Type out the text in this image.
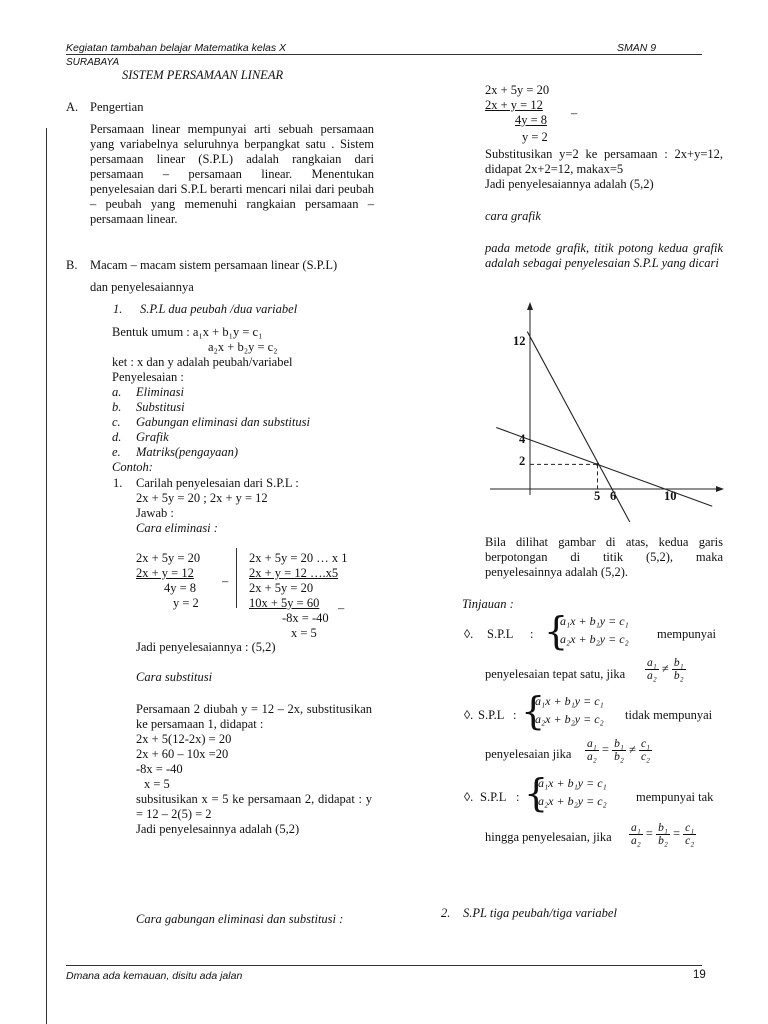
Kegiatan tambahan belajar Matematika kelas X	SMAN 9
SURABAYA
SISTEM PERSAMAAN LINEAR
A. Pengertian
Persamaan linear mempunyai arti sebuah persamaan yang variabelnya seluruhnya berpangkat satu . Sistem persamaan linear (S.P.L) adalah rangkaian dari persamaan – persamaan linear. Menentukan penyelesaian dari S.P.L berarti mencari nilai dari peubah – peubah yang memenuhi rangkaian persamaan – persamaan linear.
B. Macam – macam sistem persamaan linear (S.P.L)
dan penyelesaiannya
1. S.P.L dua peubah /dua variabel
Bentuk umum : a₁x + b₁y = c₁
a₂x + b₂y = c₂
ket : x dan y adalah peubah/variabel
Penyelesaian :
a. Eliminasi
b. Substitusi
c. Gabungan eliminasi dan substitusi
d. Grafik
e. Matriks(pengayaan)
Contoh:
1. Carilah penyelesaian dari S.P.L :
2x + 5y = 20 ; 2x + y = 12
Jawab :
Cara eliminasi :
2x + 5y = 20
2x + y = 12
4y = 8
y = 2
–
2x + 5y = 20 … x 1
2x + y = 12 ….x5
2x + 5y = 20
10x + 5y = 60
-8x = -40
x = 5
–
Jadi penyelesaiannya : (5,2)
Cara substitusi
Persamaan 2 diubah y = 12 – 2x, substitusikan ke persamaan 1, didapat :
2x + 5(12-2x) = 20
2x + 60 – 10x =20
-8x = -40
x = 5
subsitusikan x = 5 ke persamaan 2, didapat : y = 12 – 2(5) = 2
Jadi penyelesainnya adalah (5,2)
Cara gabungan eliminasi dan substitusi :
2x + 5y = 20
2x + y = 12
4y = 8
y = 2
–
Substitusikan y=2 ke persamaan : 2x+y=12, didapat 2x+2=12, makax=5
Jadi penyelesaiannya adalah (5,2)
cara grafik
pada metode grafik, titik potong kedua grafik adalah sebagai penyelesaian S.P.L yang dicari
12
4
2
5 6	10
Bila dilihat gambar di atas, kedua garis berpotongan di titik (5,2), maka penyelesainnya adalah (5,2).
Tinjauan :
◊. S.P.L : {
a₁x + b₁y = c₁
a₂x + b₂y = c₂ mempunyai
penyelesaian tepat satu, jika $\frac{\text{a₁}}{\text{a₂}} \ne \frac{\text{b₁}}{\text{b₂}}$
◊. S.P.L : {
a₁x + b₁y = c₁
a₂x + b₂y = c₂ tidak mempunyai
penyelesaian jika $\frac{\text{a₁}}{\text{a₂}} = \frac{\text{b₁}}{\text{b₂}} \ne \frac{\text{c₁}}{\text{c₂}}$
◊. S.P.L : {
a₁x + b₁y = c₁
a₂x + b₂y = c₂ mempunyai tak
hingga penyelesaian, jika $\frac{\text{a₁}}{\text{a₂}} = \frac{\text{b₁}}{\text{b₂}} = \frac{\text{c₁}}{\text{c₂}}$
2. S.PL tiga peubah/tiga variabel
Dmana ada kemauan, disitu ada jalan	19
